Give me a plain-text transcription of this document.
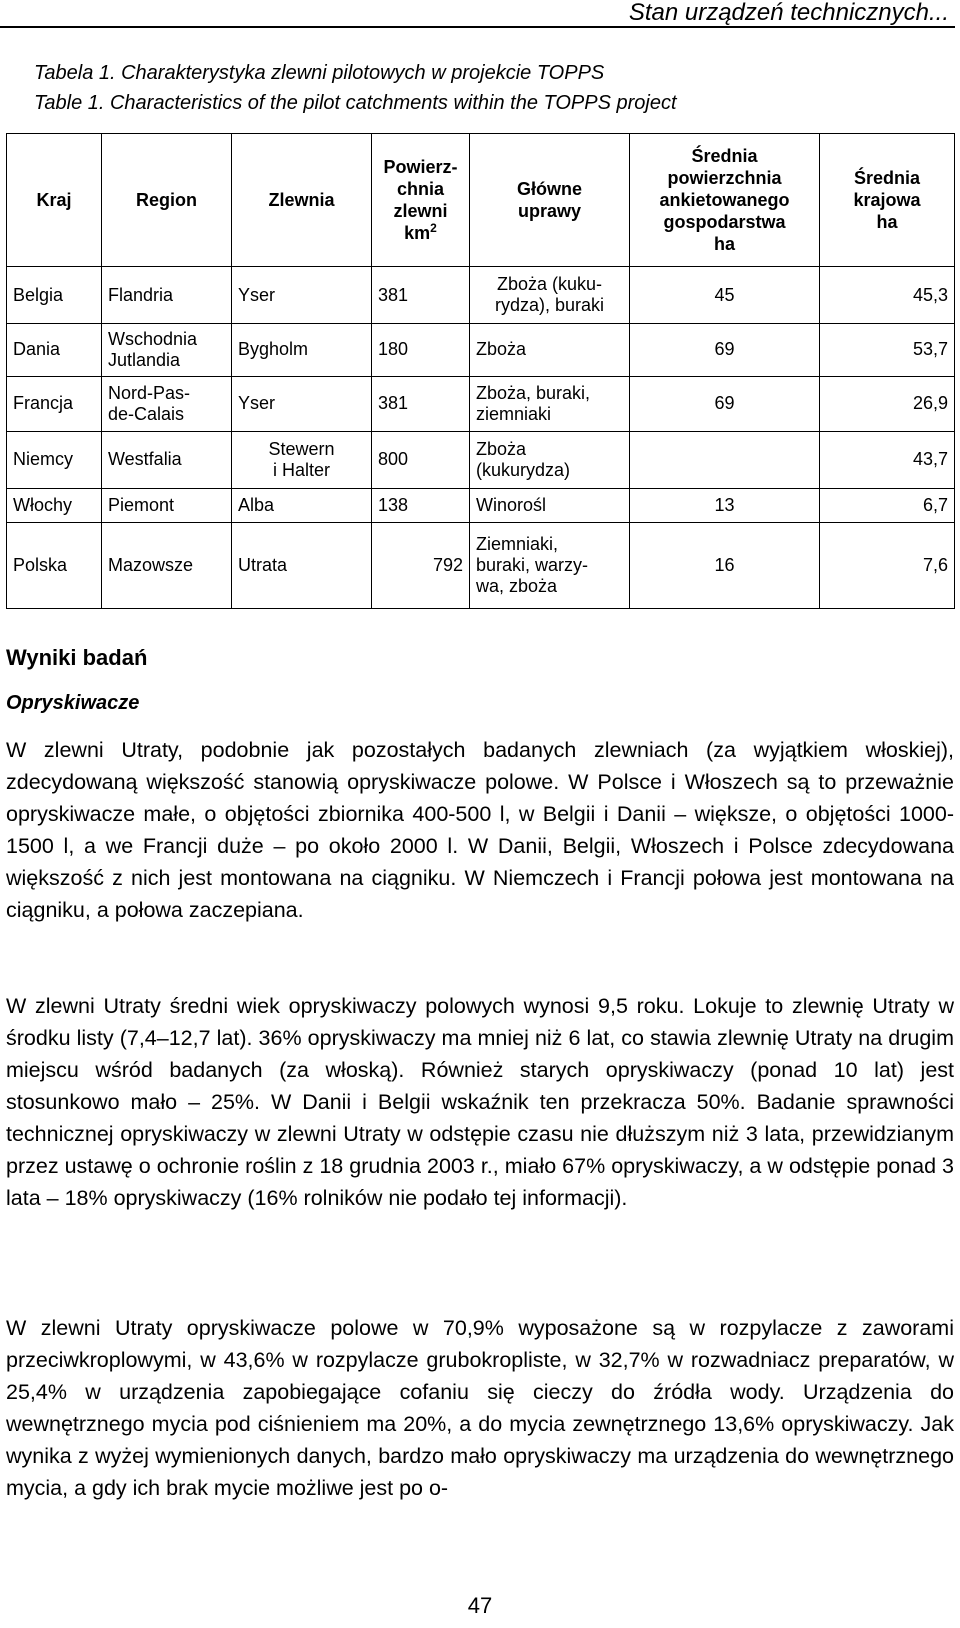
Stan urządzeń technicznych...
Tabela 1. Charakterystyka zlewni pilotowych w projekcie TOPPS
Table 1. Characteristics of the pilot catchments within the TOPPS project
Kraj	Region	Zlewnia	Powierz-
chnia
zlewni
$km^2$	Główne
uprawy	Średnia
powierzchnia
ankietowanego
gospodarstwa
ha	Średnia
krajowa
ha
Belgia	Flandria	Yser	381	Zboża (kuku-
rydza), buraki	45	45,3
Dania	Wschodnia
Jutlandia	Bygholm	180	Zboża	69	53,7
Francja	Nord-Pas-
de-Calais	Yser	381	Zboża, buraki,
ziemniaki	69	26,9
Niemcy	Westfalia	Stewern
i Halter	800	Zboża
(kukurydza)		43,7
Włochy	Piemont	Alba	138	Winorośl	13	6,7
Polska	Mazowsze	Utrata	792	Ziemniaki,
buraki, warzy-
wa, zboża	16	7,6
Wyniki badań
Opryskiwacze

W zlewni Utraty, podobnie jak pozostałych badanych zlewniach (za wyjątkiem włoskiej), zdecydowaną większość stanowią opryskiwacze polowe. W Polsce i Włoszech są to przeważnie opryskiwacze małe, o objętości zbiornika 400-500 l, w Belgii i Danii – większe, o objętości 1000-1500 l, a we Francji duże – po około 2000 l. W Danii, Belgii, Włoszech i Polsce zdecydowana większość z nich jest montowana na ciągniku. W Niemczech i Francji połowa jest montowana na ciągniku, a połowa zaczepiana.

W zlewni Utraty średni wiek opryskiwaczy polowych wynosi 9,5 roku. Lokuje to zlewnię Utraty w środku listy (7,4–12,7 lat). 36% opryskiwaczy ma mniej niż 6 lat, co stawia zlewnię Utraty na drugim miejscu wśród badanych (za włoską). Również starych opryskiwaczy (ponad 10 lat) jest stosunkowo mało – 25%. W Danii i Belgii wskaźnik ten przekracza 50%. Badanie sprawności technicznej opryskiwaczy w zlewni Utraty w odstępie czasu nie dłuższym niż 3 lata, przewidzianym przez ustawę o ochronie roślin z 18 grudnia 2003 r., miało 67% opryskiwaczy, a w odstępie ponad 3 lata – 18% opryskiwaczy (16% rolników nie podało tej informacji).

W zlewni Utraty opryskiwacze polowe w 70,9% wyposażone są w rozpylacze z zaworami przeciwkroplowymi, w 43,6% w rozpylacze grubokropliste, w 32,7% w rozwadniacz preparatów, w 25,4% w urządzenia zapobiegające cofaniu się cieczy do źródła wody. Urządzenia do wewnętrznego mycia pod ciśnieniem ma 20%, a do mycia zewnętrznego 13,6% opryskiwaczy. Jak wynika z wyżej wymienionych danych, bardzo mało opryskiwaczy ma urządzenia do wewnętrznego mycia, a gdy ich brak mycie możliwe jest po o-

47
